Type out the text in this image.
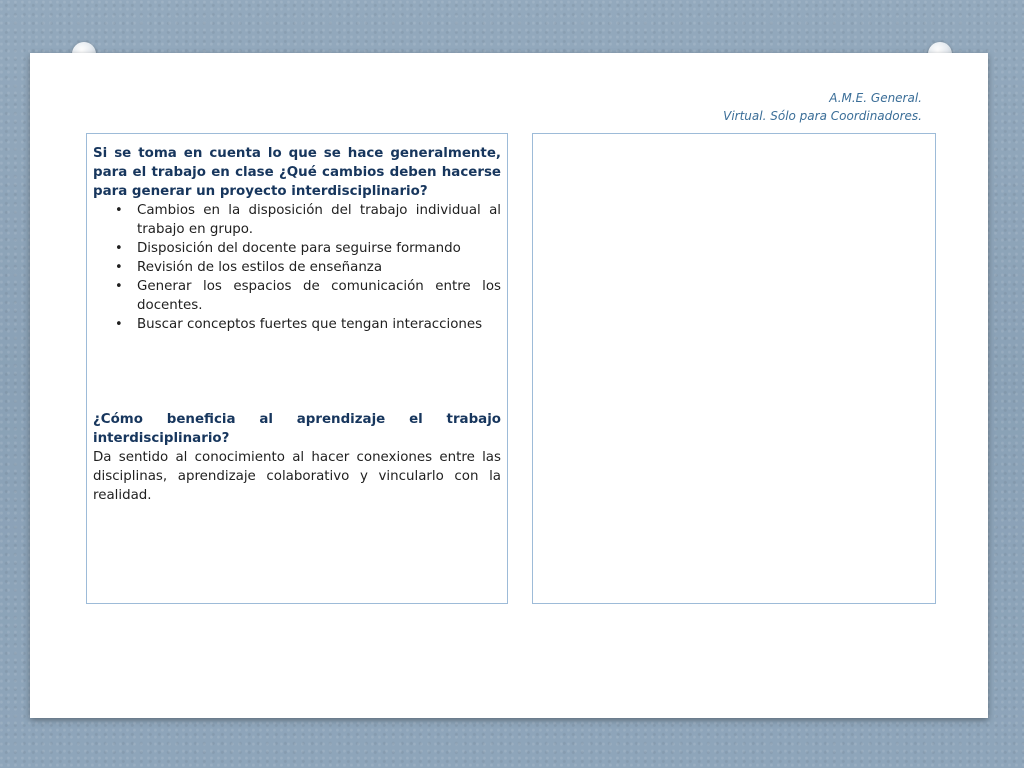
A.M.E. General.
Virtual. Sólo para Coordinadores.
Si se toma en cuenta lo que se hace generalmente, para el trabajo en clase ¿Qué cambios deben hacerse para generar un proyecto interdisciplinario?
• Cambios en la disposición del trabajo individual al trabajo en grupo.
• Disposición del docente para seguirse formando
• Revisión de los estilos de enseñanza
• Generar los espacios de comunicación entre los docentes.
• Buscar conceptos fuertes que tengan interacciones
¿Cómo beneficia al aprendizaje el trabajo interdisciplinario?
Da sentido al conocimiento al hacer conexiones entre las disciplinas, aprendizaje colaborativo y vincularlo con la realidad.
